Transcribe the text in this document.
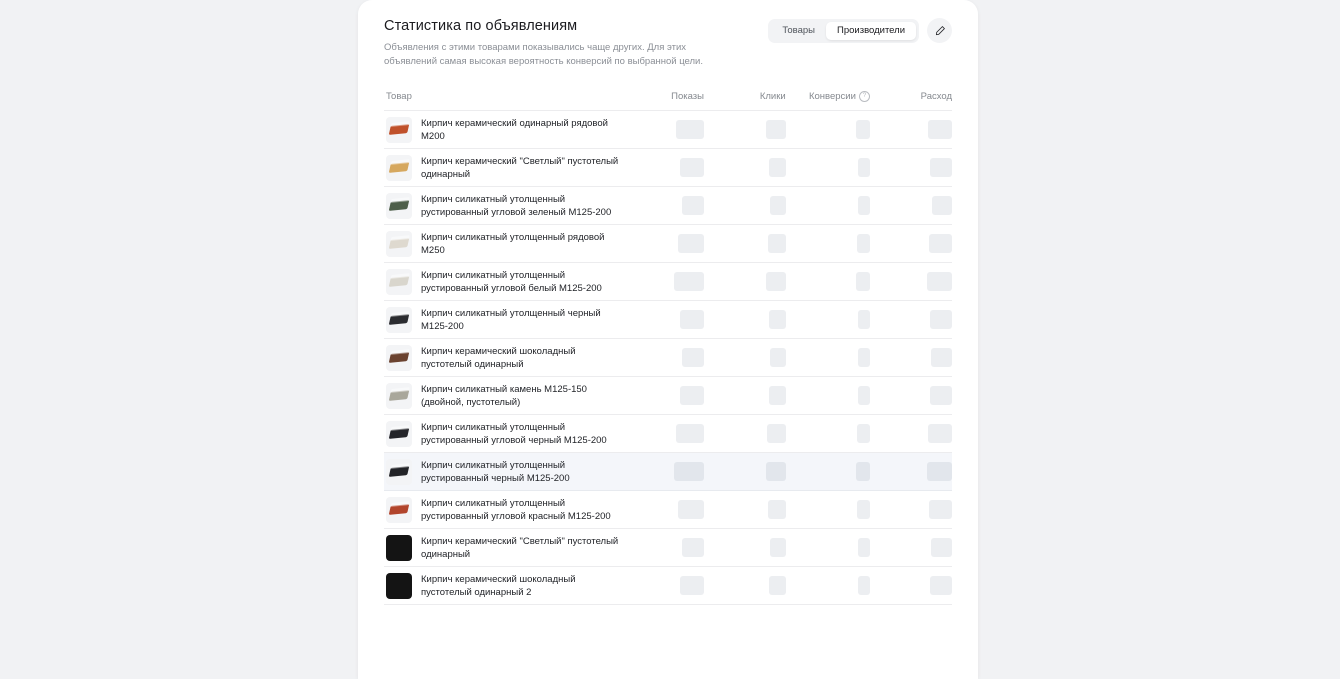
Статистика по объявлениям

Объявления с этими товарами показывались чаще других. Для этих объявлений самая высокая вероятность конверсий по выбранной цели.

Товары	Производители
Товар	Показы	Клики	Конверсии ?	Расход

Кирпич керамический одинарный рядовой М200				

Кирпич керамический "Светлый" пустотелый одинарный				

Кирпич силикатный утолщенный рустированный угловой зеленый М125-200				

Кирпич силикатный утолщенный рядовой М250				

Кирпич силикатный утолщенный рустированный угловой белый М125-200				

Кирпич силикатный утолщенный черный М125-200				

Кирпич керамический шоколадный пустотелый одинарный				

Кирпич силикатный камень М125-150 (двойной, пустотелый)				

Кирпич силикатный утолщенный рустированный угловой черный М125-200				

Кирпич силикатный утолщенный рустированный черный М125-200				

Кирпич силикатный утолщенный рустированный угловой красный М125-200				

Кирпич керамический "Светлый" пустотелый одинарный				

Кирпич керамический шоколадный пустотелый одинарный 2				
